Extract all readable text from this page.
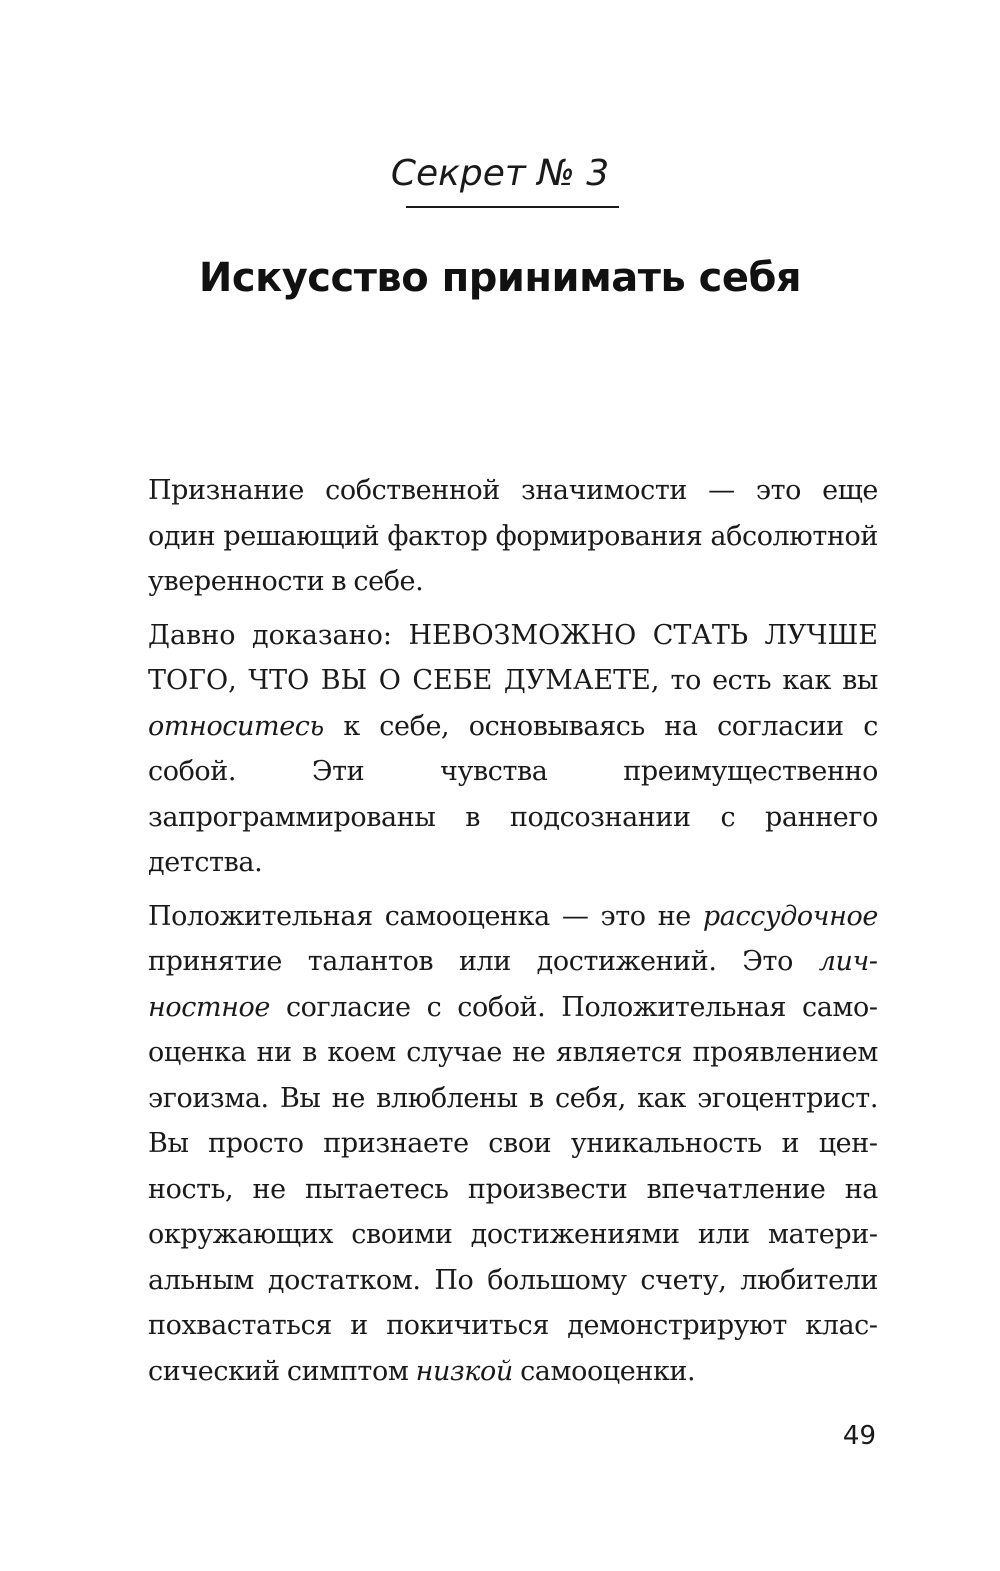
Секрет № 3
Искусство принимать себя

Признание собственной значимости — это еще один решающий фактор формирования абсолютной уверенности в себе.

Давно доказано: НЕВОЗМОЖНО СТАТЬ ЛУЧШЕ ТОГО, ЧТО ВЫ О СЕБЕ ДУМАЕТЕ, то есть как вы относитесь к себе, основываясь на согласии с собой. Эти чувства преимущественно запрограммированы в подсознании с раннего детства.

Положительная самооценка — это не рассудочное принятие талантов или достижений. Это личностное согласие с собой. Положительная самооценка ни в коем случае не является проявлением эгоизма. Вы не влюблены в себя, как эгоцентрист. Вы просто признаете свои уникальность и ценность, не пытаетесь произвести впечатление на окружающих своими достижениями или материальным достатком. По большому счету, любители похвастаться и покичиться демонстрируют классический симптом низкой самооценки.

49
